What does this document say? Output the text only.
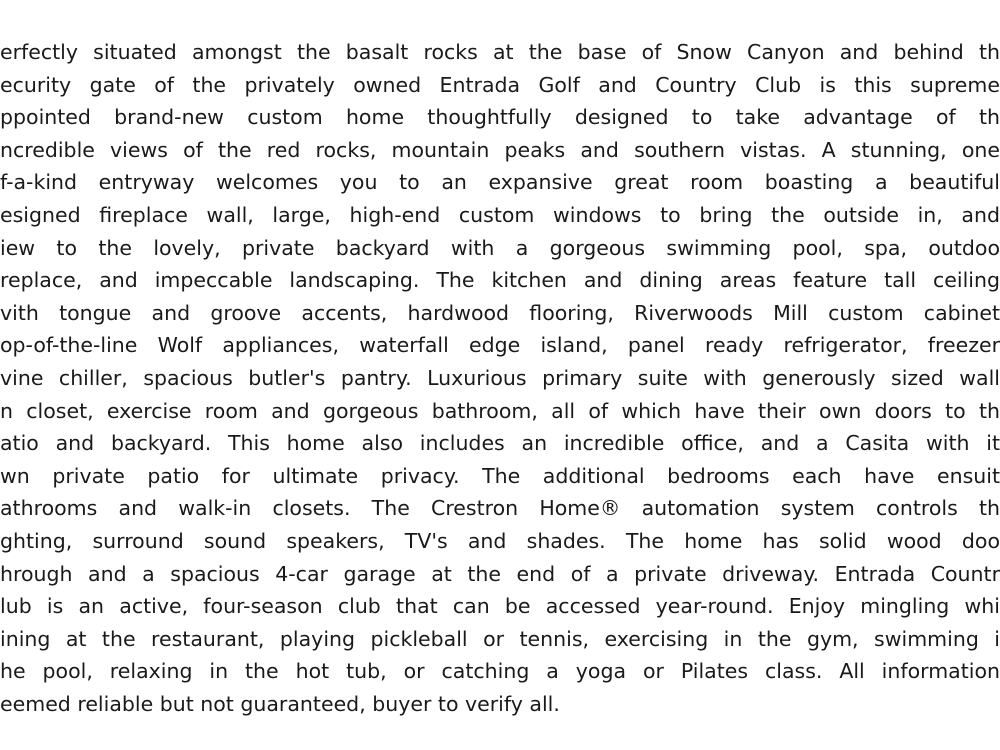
erfectly situated amongst the basalt rocks at the base of Snow Canyon and behind th
ecurity gate of the privately owned Entrada Golf and Country Club is this supreme
ppointed brand-new custom home thoughtfully designed to take advantage of th
ncredible views of the red rocks, mountain peaks and southern vistas. A stunning, one
f-a-kind entryway welcomes you to an expansive great room boasting a beautiful
esigned fireplace wall, large, high-end custom windows to bring the outside in, and
iew to the lovely, private backyard with a gorgeous swimming pool, spa, outdoo
replace, and impeccable landscaping. The kitchen and dining areas feature tall ceiling
vith tongue and groove accents, hardwood flooring, Riverwoods Mill custom cabinet
op-of-the-line Wolf appliances, waterfall edge island, panel ready refrigerator, freezer
vine chiller, spacious butler's pantry. Luxurious primary suite with generously sized wall
n closet, exercise room and gorgeous bathroom, all of which have their own doors to th
atio and backyard. This home also includes an incredible office, and a Casita with it
wn private patio for ultimate privacy. The additional bedrooms each have ensuit
athrooms and walk-in closets. The Crestron Home® automation system controls th
ghting, surround sound speakers, TV's and shades. The home has solid wood doo
hrough and a spacious 4-car garage at the end of a private driveway. Entrada Countr
lub is an active, four-season club that can be accessed year-round. Enjoy mingling whi
ining at the restaurant, playing pickleball or tennis, exercising in the gym, swimming i
he pool, relaxing in the hot tub, or catching a yoga or Pilates class. All information
eemed reliable but not guaranteed, buyer to verify all.
